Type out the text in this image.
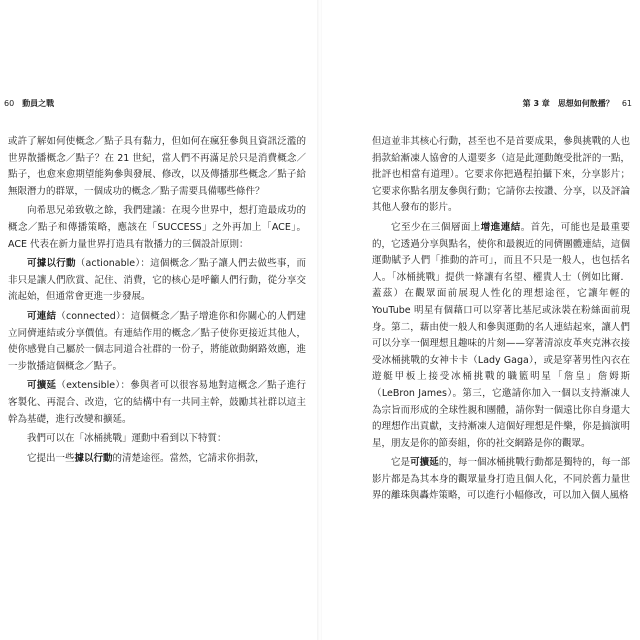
60 動員之戰

或許了解如何使概念／點子具有黏力，但如何在瘋狂參與且資訊泛濫的世界散播概念／點子？在 21 世紀，當人們不再滿足於只是消費概念／點子，也愈來愈期望能夠參與發展、修改，以及傳播那些概念／點子給無限潛力的群眾，一個成功的概念／點子需要具備哪些條件？

向希思兄弟致敬之餘，我們建議：在現今世界中，想打造最成功的概念／點子和傳播策略，應該在「SUCCESS」之外再加上「ACE」。ACE 代表在新力量世界打造具有散播力的三個設計原則：

可據以行動（actionable）：這個概念／點子讓人們去做些事，而非只是讓人們欣賞、記住、消費，它的核心是呼籲人們行動，從分享交流起始，但通常會更進一步發展。

可連結（connected）：這個概念／點子增進你和你關心的人們建立同儕連結或分享價值。有連結作用的概念／點子使你更接近其他人，使你感覺自己屬於一個志同道合社群的一份子，將能啟動網路效應，進一步散播這個概念／點子。

可擴延（extensible）：參與者可以很容易地對這概念／點子進行客製化、再混合、改造，它的結構中有一共同主幹，鼓勵其社群以這主幹為基礎，進行改變和擴延。

我們可以在「冰桶挑戰」運動中看到以下特質：

它提出一些據以行動的清楚途徑。當然，它請求你捐款，

第 3 章　 思想如何散播？ 61

但這並非其核心行動，甚至也不是首要成果，參與挑戰的人也捐款給漸凍人協會的人還要多（這是此運動飽受批評的一點，批評也相當有道理）。它要求你把過程拍攝下來，分享影片；它要求你點名朋友參與行動；它請你去按讚、分享，以及評論其他人發布的影片。

它至少在三個層面上增進連結。首先，可能也是最重要的，它透過分享與點名，使你和最親近的同儕團體連結，這個運動賦予人們「推動的許可」，而且不只是一般人，也包括名人。「冰桶挑戰」提供一條讓有名望、權貴人士（例如比爾．蓋茲）在觀眾面前展現人性化的理想途徑，它讓年輕的 YouTube 明星有個藉口可以穿著比基尼或泳裝在粉絲面前現身。第二，藉由使一般人和參與運動的名人連結起來，讓人們可以分享一個理想且趣味的片刻——穿著清涼皮革夾克淋衣接受冰桶挑戰的女神卡卡（Lady Gaga），或是穿著男性內衣在遊艇甲板上接受冰桶挑戰的職籃明星「詹皇」詹姆斯（LeBron James）。第三，它邀請你加入一個以支持漸凍人為宗旨而形成的全球性親和團體，請你對一個遠比你自身還大的理想作出貢獻，支持漸凍人這個好理想是件樂，你是搞演明星，朋友是你的節奏組，你的社交網路是你的觀眾。

它是可擴延的，每一個冰桶挑戰行動都是獨特的，每一部影片都是為其本身的觀眾量身打造且個人化，不同於舊力量世界的離珠與轟炸策略，可以進行小幅修改，可以加入個人風格
